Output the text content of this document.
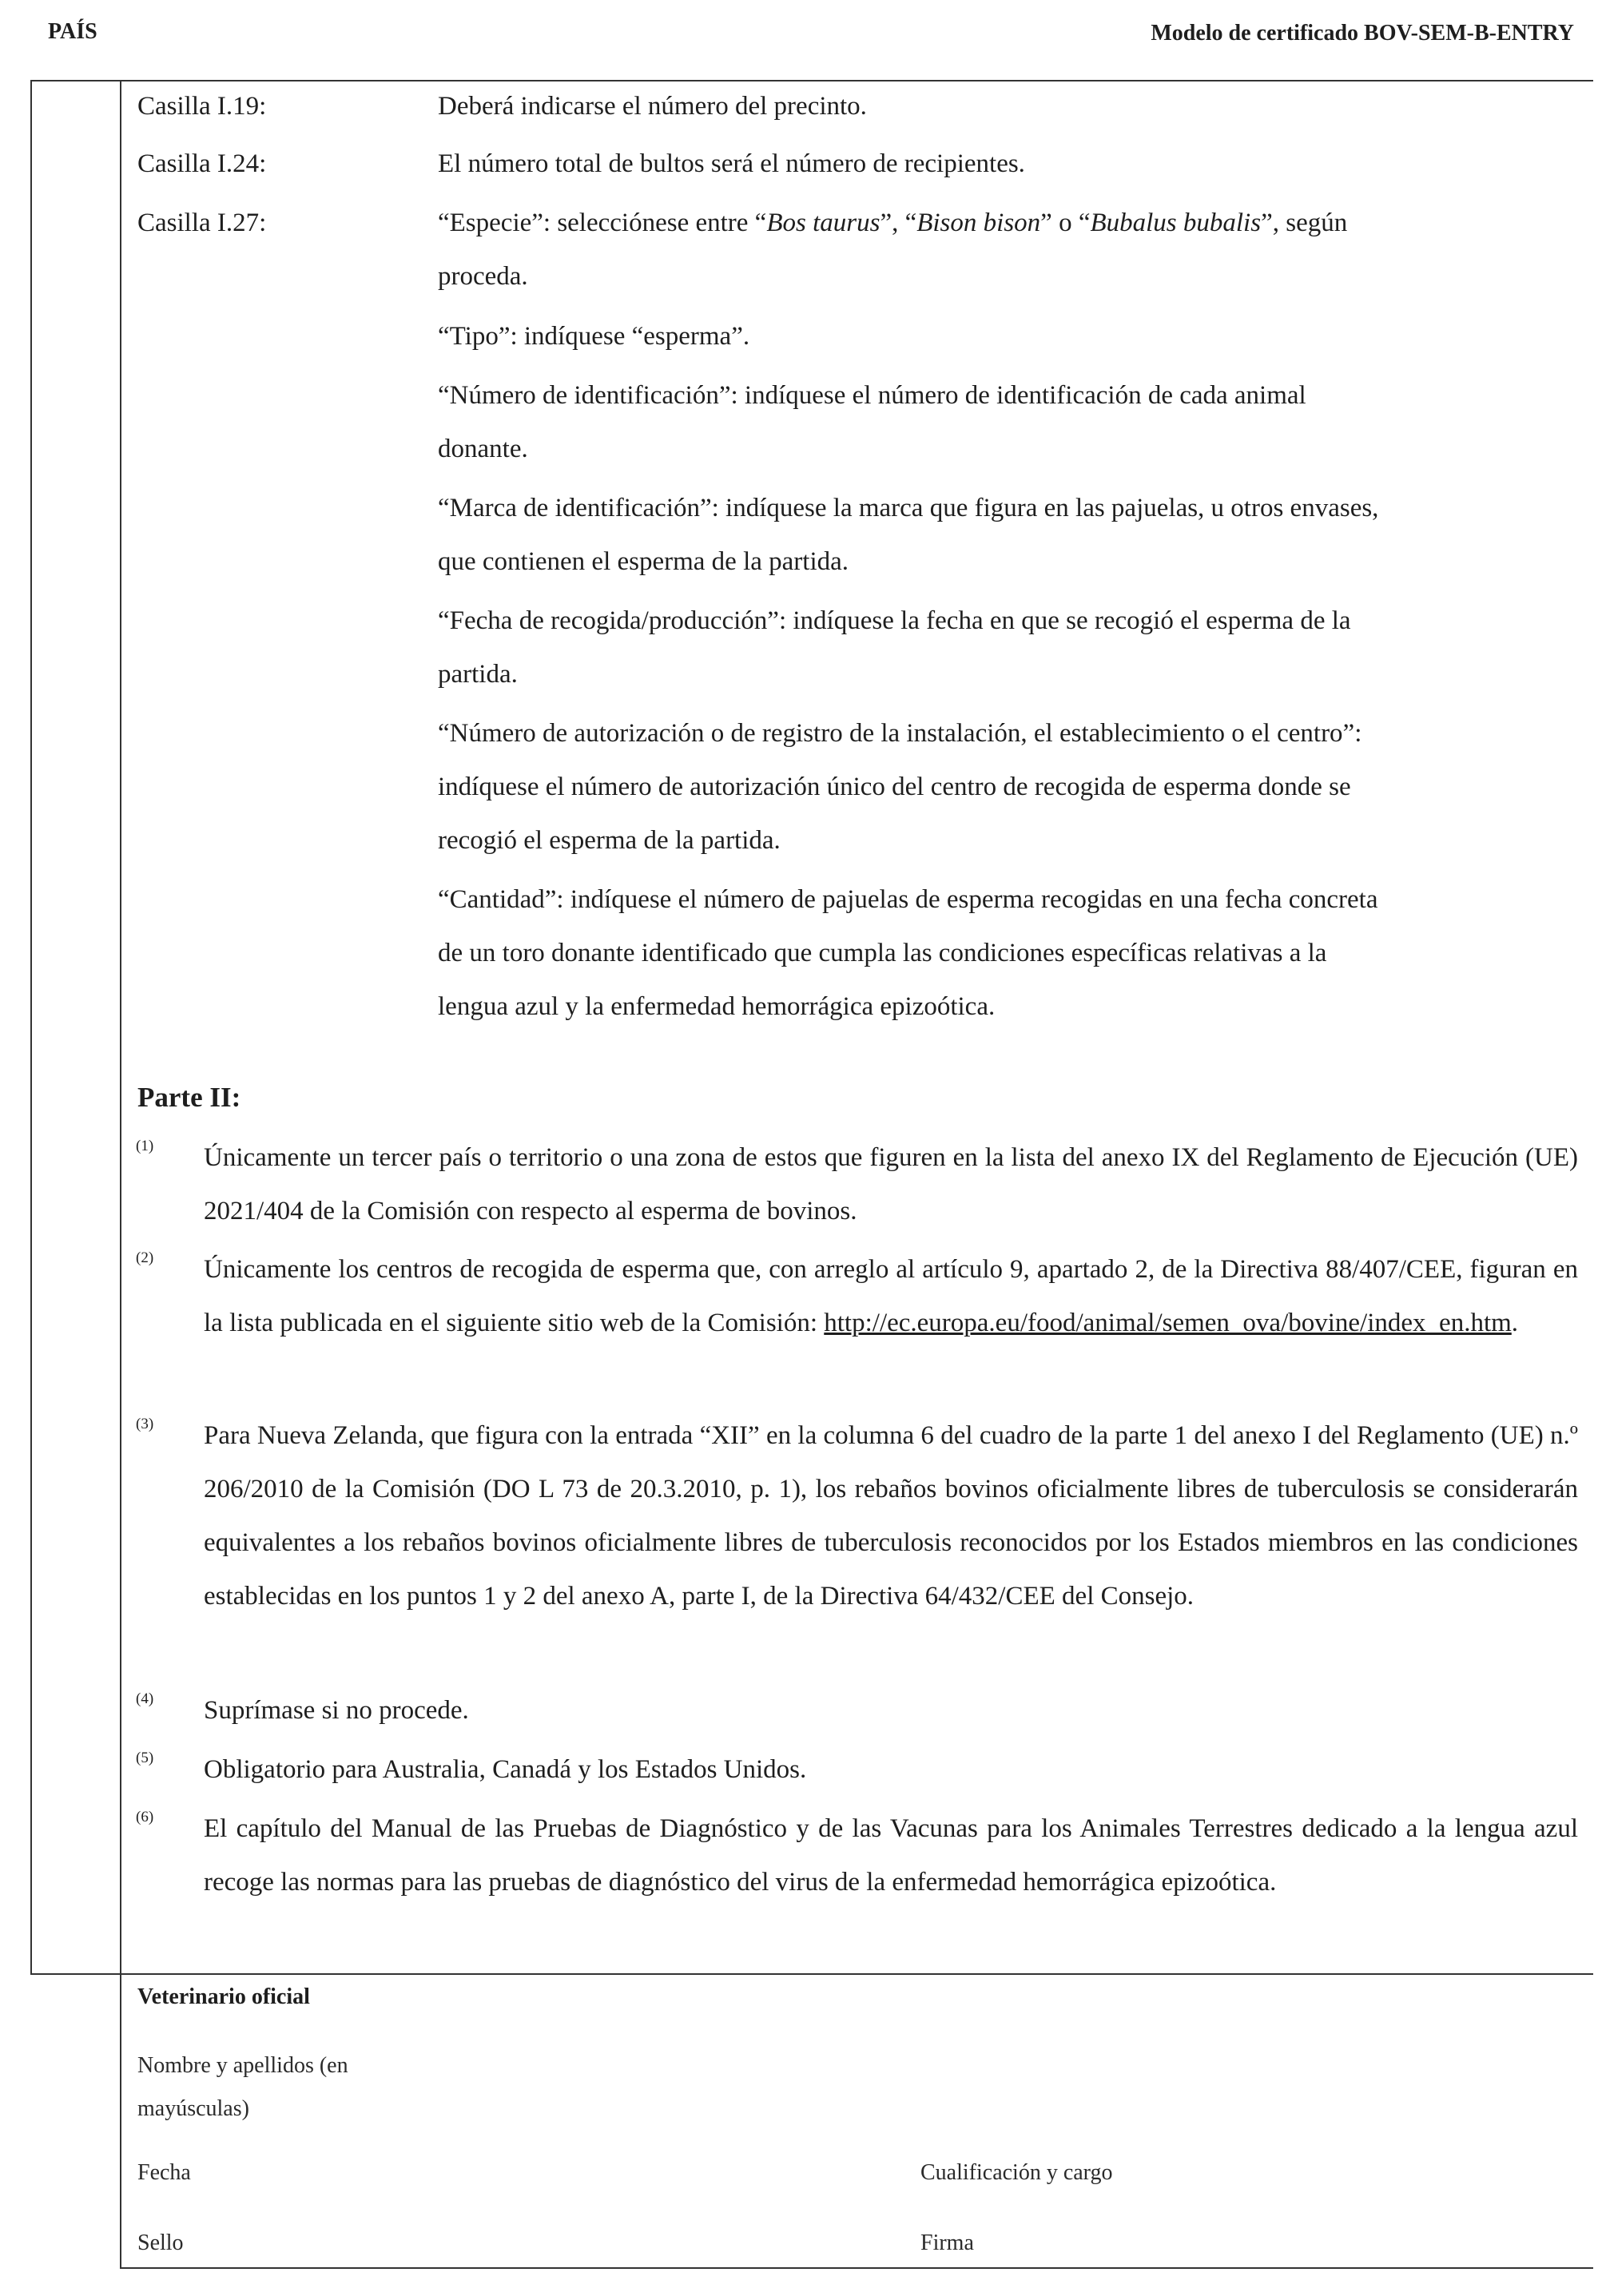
PAÍS	Modelo de certificado BOV-SEM-B-ENTRY
Casilla I.19:	Deberá indicarse el número del precinto.
Casilla I.24:	El número total de bultos será el número de recipientes.
Casilla I.27:	“Especie”: selecciónese entre “Bos taurus”, “Bison bison” o “Bubalus bubalis”, según
proceda.
“Tipo”: indíquese “esperma”.
“Número de identificación”: indíquese el número de identificación de cada animal
donante.
“Marca de identificación”: indíquese la marca que figura en las pajuelas, u otros envases,
que contienen el esperma de la partida.
“Fecha de recogida/producción”: indíquese la fecha en que se recogió el esperma de la
partida.
“Número de autorización o de registro de la instalación, el establecimiento o el centro”:
indíquese el número de autorización único del centro de recogida de esperma donde se
recogió el esperma de la partida.
“Cantidad”: indíquese el número de pajuelas de esperma recogidas en una fecha concreta
de un toro donante identificado que cumpla las condiciones específicas relativas a la
lengua azul y la enfermedad hemorrágica epizoótica.
Parte II:
(1) Únicamente un tercer país o territorio o una zona de estos que figuren en la lista del anexo IX del Reglamento de Ejecución (UE) 2021/404 de la Comisión con respecto al esperma de bovinos.
(2) Únicamente los centros de recogida de esperma que, con arreglo al artículo 9, apartado 2, de la Directiva 88/407/CEE, figuran en la lista publicada en el siguiente sitio web de la Comisión: http://ec.europa.eu/food/animal/semen_ova/bovine/index_en.htm.
(3) Para Nueva Zelanda, que figura con la entrada “XII” en la columna 6 del cuadro de la parte 1 del anexo I del Reglamento (UE) n.º 206/2010 de la Comisión (DO L 73 de 20.3.2010, p. 1), los rebaños bovinos oficialmente libres de tuberculosis se considerarán equivalentes a los rebaños bovinos oficialmente libres de tuberculosis reconocidos por los Estados miembros en las condiciones establecidas en los puntos 1 y 2 del anexo A, parte I, de la Directiva 64/432/CEE del Consejo.
(4) Suprímase si no procede.
(5) Obligatorio para Australia, Canadá y los Estados Unidos.
(6) El capítulo del Manual de las Pruebas de Diagnóstico y de las Vacunas para los Animales Terrestres dedicado a la lengua azul recoge las normas para las pruebas de diagnóstico del virus de la enfermedad hemorrágica epizoótica.
Veterinario oficial
Nombre y apellidos (en
mayúsculas)
Fecha	Cualificación y cargo
Sello	Firma
